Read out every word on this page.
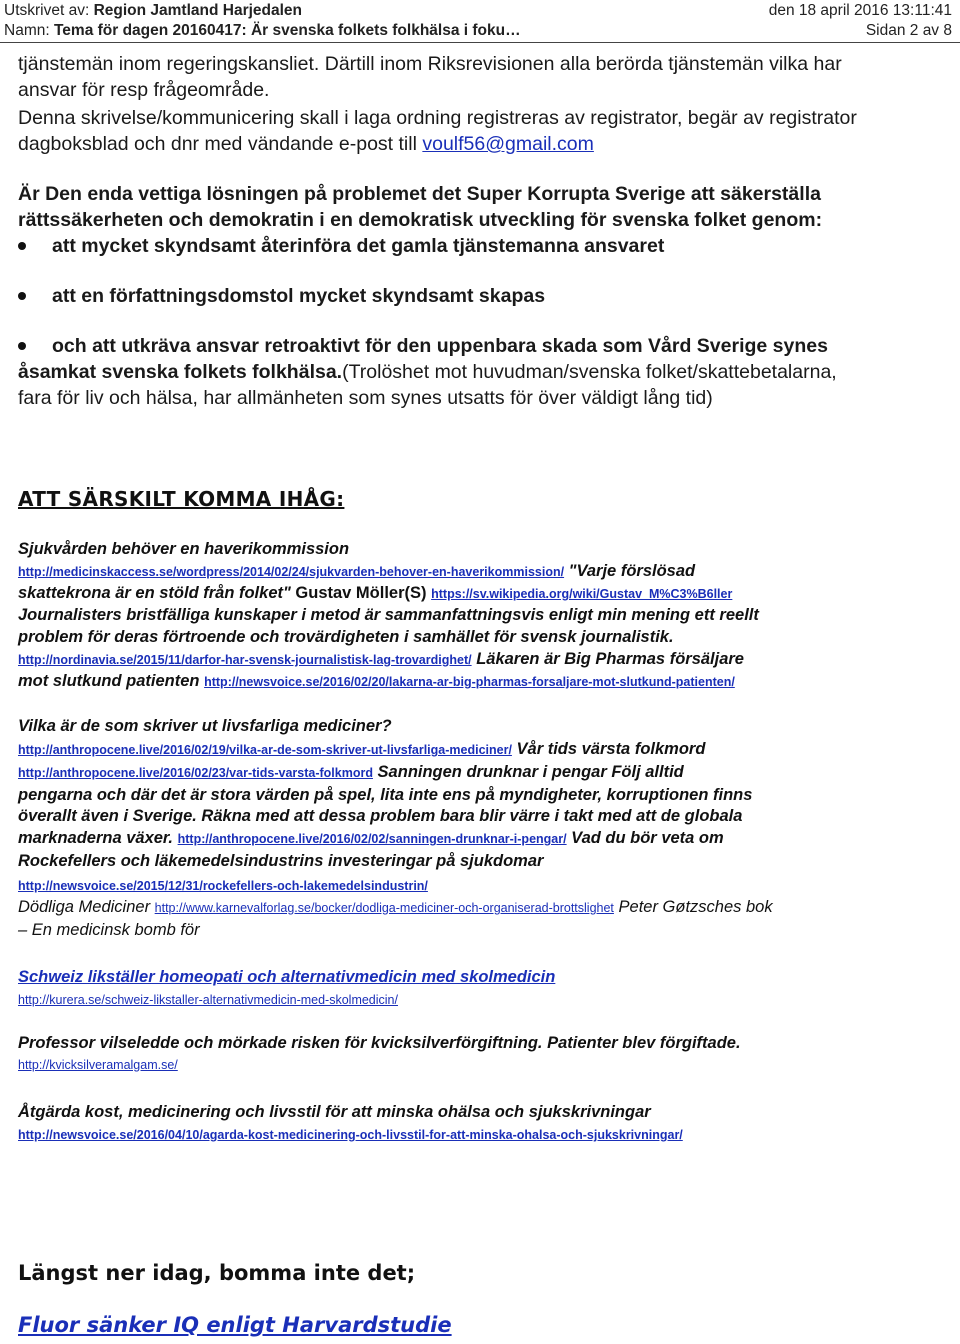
Utskrivet av: Region Jamtland Harjedalen	den 18 april 2016 13:11:41
Namn: Tema för dagen 20160417: Är svenska folkets folkhälsa i foku…	Sidan 2 av 8
tjänstemän inom regeringskansliet. Därtill inom Riksrevisionen alla berörda tjänstemän vilka har
ansvar för resp frågeområde.
Denna skrivelse/kommunicering skall i laga ordning registreras av registrator, begär av registrator
dagboksblad och dnr med vändande e-post till voulf56@gmail.com
Är Den enda vettiga lösningen på problemet det Super Korrupta Sverige att säkerställa
rättssäkerheten och demokratin i en demokratisk utveckling för svenska folket genom:
att mycket skyndsamt återinföra det gamla tjänstemanna ansvaret
att en författningsdomstol mycket skyndsamt skapas
och att utkräva ansvar retroaktivt för den uppenbara skada som Vård Sverige synes
åsamkat svenska folkets folkhälsa.(Trolöshet mot huvudman/svenska folket/skattebetalarna,
fara för liv och hälsa, har allmänheten som synes utsatts för över väldigt lång tid)
ATT SÄRSKILT KOMMA IHÅG:
Sjukvården behöver en haverikommission
http://medicinskaccess.se/wordpress/2014/02/24/sjukvarden-behover-en-haverikommission/ "Varje förslösad
skattekrona är en stöld från folket" Gustav Möller(S) https://sv.wikipedia.org/wiki/Gustav_M%C3%B6ller
Journalisters bristfälliga kunskaper i metod är sammanfattningsvis enligt min mening ett reellt
problem för deras förtroende och trovärdigheten i samhället för svensk journalistik.
http://nordinavia.se/2015/11/darfor-har-svensk-journalistisk-lag-trovardighet/ Läkaren är Big Pharmas försäljare
mot slutkund patienten http://newsvoice.se/2016/02/20/lakarna-ar-big-pharmas-forsaljare-mot-slutkund-patienten/
Vilka är de som skriver ut livsfarliga mediciner?
http://anthropocene.live/2016/02/19/vilka-ar-de-som-skriver-ut-livsfarliga-mediciner/ Vår tids värsta folkmord
http://anthropocene.live/2016/02/23/var-tids-varsta-folkmord Sanningen drunknar i pengar Följ alltid
pengarna och där det är stora värden på spel, lita inte ens på myndigheter, korruptionen finns
överallt även i Sverige. Räkna med att dessa problem bara blir värre i takt med att de globala
marknaderna växer. http://anthropocene.live/2016/02/02/sanningen-drunknar-i-pengar/ Vad du bör veta om
Rockefellers och läkemedelsindustrins investeringar på sjukdomar
http://newsvoice.se/2015/12/31/rockefellers-och-lakemedelsindustrin/
Dödliga Mediciner http://www.karnevalforlag.se/bocker/dodliga-mediciner-och-organiserad-brottslighet Peter Gøtzsches bok
– En medicinsk bomb för
Schweiz likställer homeopati och alternativmedicin med skolmedicin
http://kurera.se/schweiz-likstaller-alternativmedicin-med-skolmedicin/
Professor vilseledde och mörkade risken för kvicksilverförgiftning. Patienter blev förgiftade.
http://kvicksilveramalgam.se/
Åtgärda kost, medicinering och livsstil för att minska ohälsa och sjukskrivningar
http://newsvoice.se/2016/04/10/agarda-kost-medicinering-och-livsstil-for-att-minska-ohalsa-och-sjukskrivningar/
Längst ner idag, bomma inte det;
Fluor sänker IQ enligt Harvardstudie
